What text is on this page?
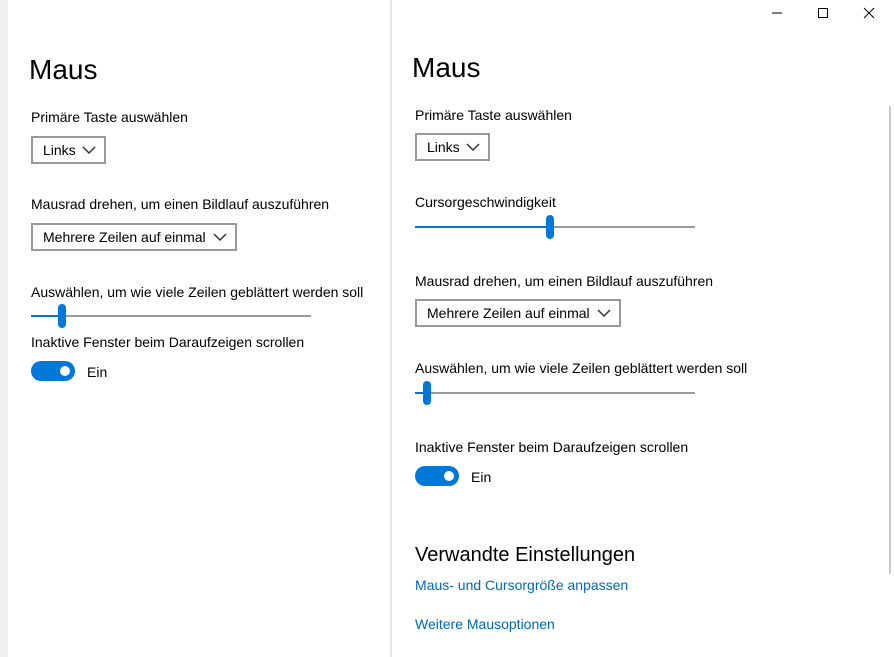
Maus
Primäre Taste auswählen
Links
Mausrad drehen, um einen Bildlauf auszuführen
Mehrere Zeilen auf einmal
Auswählen, um wie viele Zeilen geblättert werden soll
Inaktive Fenster beim Daraufzeigen scrollen
Ein
Maus
Primäre Taste auswählen
Links
Cursorgeschwindigkeit
Mausrad drehen, um einen Bildlauf auszuführen
Mehrere Zeilen auf einmal
Auswählen, um wie viele Zeilen geblättert werden soll
Inaktive Fenster beim Daraufzeigen scrollen
Ein
Verwandte Einstellungen
Maus- und Cursorgröße anpassen
Weitere Mausoptionen
